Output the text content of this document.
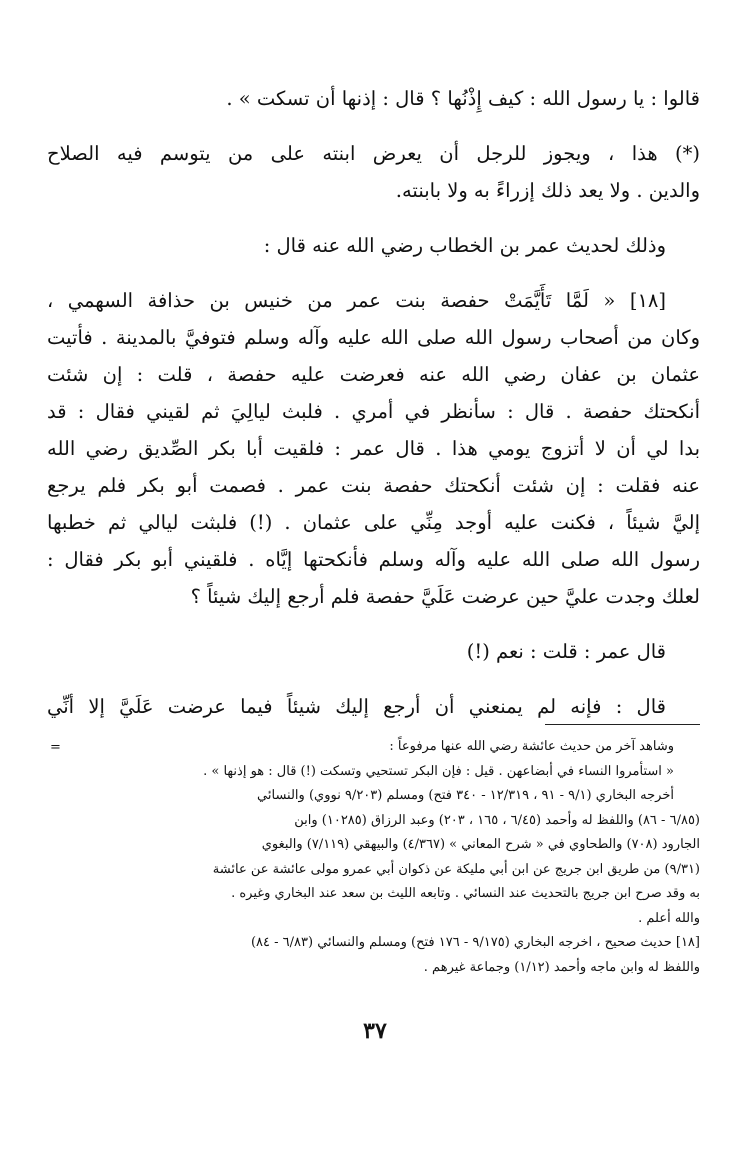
قالوا : يا رسول الله : كيف إِذْنُها ؟ قال : إذنها أن تسكت » .
(*) هذا ، ويجوز للرجل أن يعرض ابنته على من يتوسم فيه الصلاح
والدين . ولا يعد ذلك إزراءً به ولا بابنته.
وذلك لحديث عمر بن الخطاب رضي الله عنه قال :
[١٨] « لَمَّا تَأَيَّمَتْ حفصة بنت عمر من خنيس بن حذافة السهمي ،
وكان من أصحاب رسول الله صلى الله عليه وآله وسلم فتوفيَّ بالمدينة . فأتيت
عثمان بن عفان رضي الله عنه فعرضت عليه حفصة ، قلت : إن شئت
أنكحتك حفصة . قال : سأنظر في أمري . فلبث ليالِيَ ثم لقيني فقال : قد
بدا لي أن لا أتزوج يومي هذا . قال عمر : فلقيت أبا بكر الصِّديق رضي الله
عنه فقلت : إن شئت أنكحتك حفصة بنت عمر . فصمت أبو بكر فلم يرجع
إليَّ شيئاً ، فكنت عليه أوجد مِنِّي على عثمان . (!) فلبثت ليالي ثم خطبها
رسول الله صلى الله عليه وآله وسلم فأنكحتها إيَّاه . فلقيني أبو بكر فقال :
لعلك وجدت عليَّ حين عرضت عَلَيَّ حفصة فلم أرجع إليك شيئاً ؟
قال عمر : قلت : نعم (!)
قال : فإنه لم يمنعني أن أرجع إليك شيئاً فيما عرضت عَلَيَّ إلا أنِّي
=	وشاهد آخر من حديث عائشة رضي الله عنها مرفوعاً :
« استأمروا النساء في أبضاعهن . قيل : فإن البكر تستحيي وتسكت (!) قال : هو إذنها » .
أخرجه البخاري (٩/١ - ٩١ ، ١٢/٣١٩ - ٣٤٠ فتح) ومسلم (٩/٢٠٣ نووي) والنسائي
(٦/٨٥ - ٨٦) واللفظ له وأحمد (٦/٤٥ ، ١٦٥ ، ٢٠٣) وعبد الرزاق (١٠٢٨٥) وابن
الجارود (٧٠٨) والطحاوي في « شرح المعاني » (٤/٣٦٧) والبيهقي (٧/١١٩) والبغوي
(٩/٣١) من طريق ابن جريج عن ابن أبي مليكة عن ذكوان أبي عمرو مولى عائشة عن عائشة
به وقد صرح ابن جريج بالتحديث عند النسائي . وتابعه الليث بن سعد عند البخاري وغيره .
والله أعلم .
[١٨] حديث صحيح ، اخرجه البخاري (٩/١٧٥ - ١٧٦ فتح) ومسلم والنسائي (٦/٨٣ - ٨٤)
واللفظ له وابن ماجه وأحمد (١/١٢) وجماعة غيرهم .
٣٧
